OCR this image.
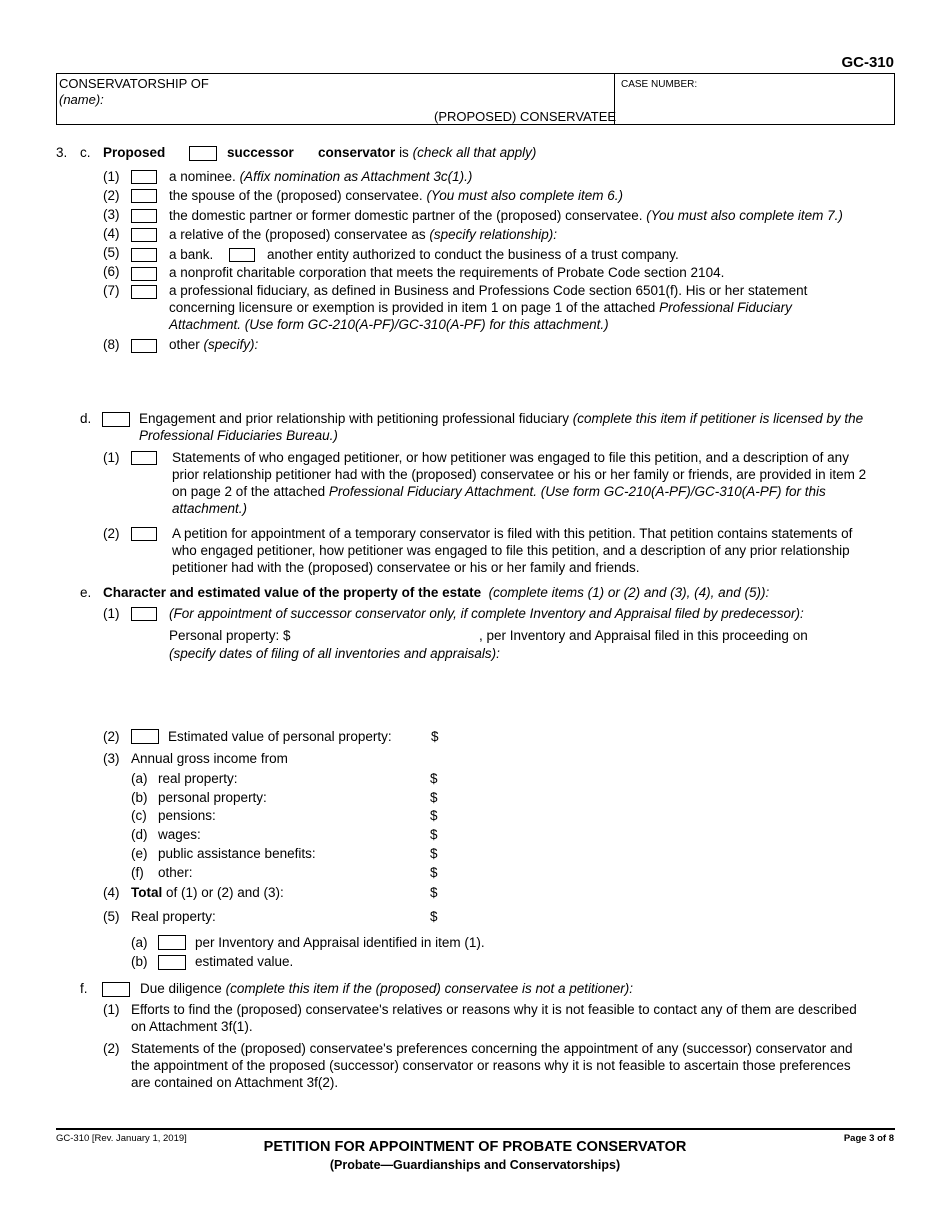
GC-310
CONSERVATORSHIP OF
(name):
(PROPOSED) CONSERVATEE
CASE NUMBER:
3. c. Proposed	successor conservator is (check all that apply)
(1)	a nominee. (Affix nomination as Attachment 3c(1).)
(2)	the spouse of the (proposed) conservatee. (You must also complete item 6.)
(3)	the domestic partner or former domestic partner of the (proposed) conservatee. (You must also complete item 7.)
(4)	a relative of the (proposed) conservatee as (specify relationship):
(5)	a bank.	another entity authorized to conduct the business of a trust company.
(6)	a nonprofit charitable corporation that meets the requirements of Probate Code section 2104.
(7)	a professional fiduciary, as defined in Business and Professions Code section 6501(f). His or her statement
concerning licensure or exemption is provided in item 1 on page 1 of the attached Professional Fiduciary
Attachment. (Use form GC-210(A-PF)/GC-310(A-PF) for this attachment.)
(8)	other (specify):
d.	Engagement and prior relationship with petitioning professional fiduciary (complete this item if petitioner is licensed by the
Professional Fiduciaries Bureau.)
(1)	Statements of who engaged petitioner, or how petitioner was engaged to file this petition, and a description of any
prior relationship petitioner had with the (proposed) conservatee or his or her family or friends, are provided in item 2
on page 2 of the attached Professional Fiduciary Attachment. (Use form GC-210(A-PF)/GC-310(A-PF) for this
attachment.)
(2)	A petition for appointment of a temporary conservator is filed with this petition. That petition contains statements of
who engaged petitioner, how petitioner was engaged to file this petition, and a description of any prior relationship
petitioner had with the (proposed) conservatee or his or her family and friends.
e. Character and estimated value of the property of the estate (complete items (1) or (2) and (3), (4), and (5)):
(1)	(For appointment of successor conservator only, if complete Inventory and Appraisal filed by predecessor):
Personal property: $	, per Inventory and Appraisal filed in this proceeding on
(specify dates of filing of all inventories and appraisals):
(2)	Estimated value of personal property:	$
(3) Annual gross income from
(a) real property:	$
(b) personal property:	$
(c) pensions:	$
(d) wages:	$
(e) public assistance benefits:	$
(f) other:	$
(4) Total of (1) or (2) and (3):	$
(5) Real property:	$
(a)	per Inventory and Appraisal identified in item (1).
(b)	estimated value.
f.	Due diligence (complete this item if the (proposed) conservatee is not a petitioner):
(1) Efforts to find the (proposed) conservatee's relatives or reasons why it is not feasible to contact any of them are described
on Attachment 3f(1).
(2) Statements of the (proposed) conservatee's preferences concerning the appointment of any (successor) conservator and
the appointment of the proposed (successor) conservator or reasons why it is not feasible to ascertain those preferences
are contained on Attachment 3f(2).
GC-310 [Rev. January 1, 2019]
PETITION FOR APPOINTMENT OF PROBATE CONSERVATOR
(Probate—Guardianships and Conservatorships)
Page 3 of 8
